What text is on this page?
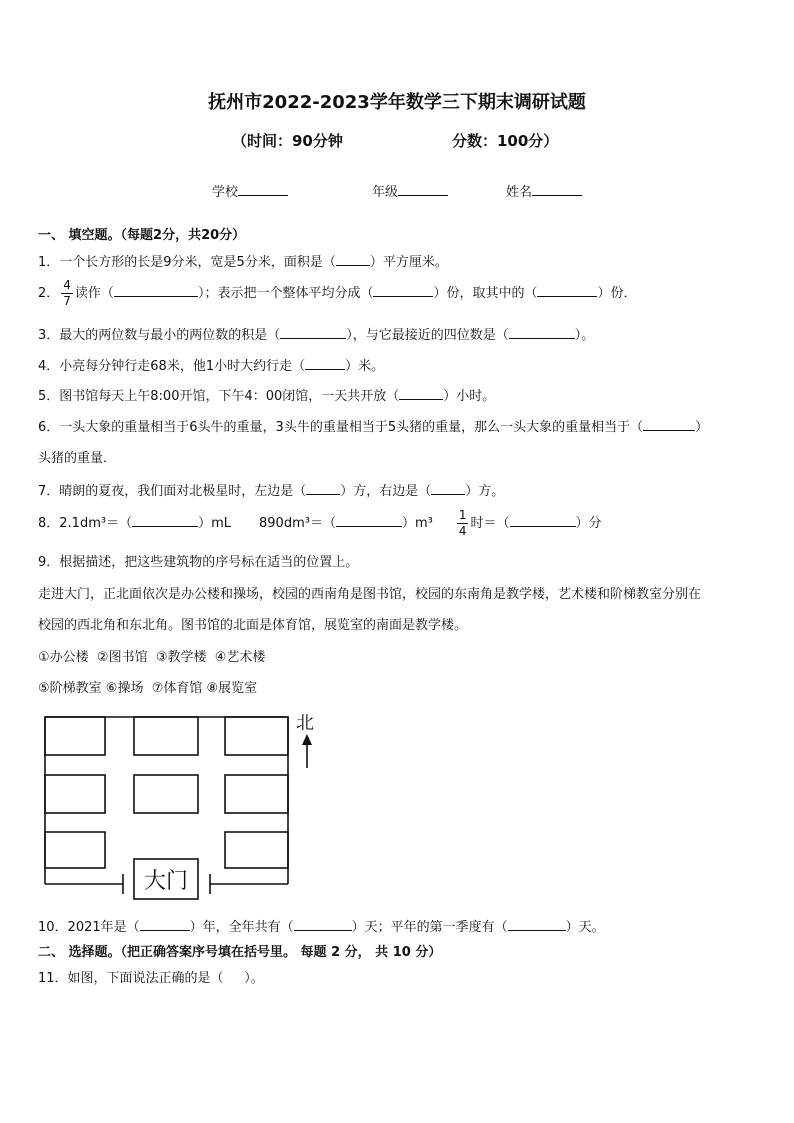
抚州市2022-2023学年数学三下期末调研试题
（时间：90分钟	分数：100分）
学校	年级	姓名
一、 填空题。（每题2分，共20分）
1．一个长方形的长是9分米，宽是5分米，面积是（	）平方厘米。
2． $\frac{4}{7}$ 读作（	）；表示把一个整体平均分成（	）份，取其中的（	）份．
3．最大的两位数与最小的两位数的积是（	），与它最接近的四位数是（	）。
4．小亮每分钟行走68米，他1小时大约行走（	）米。
5．图书馆每天上午8:00开馆，下午4：00闭馆，一天共开放（	）小时。
6．一头大象的重量相当于6头牛的重量，3头牛的重量相当于5头猪的重量，那么一头大象的重量相当于（	）
头猪的重量．
7．晴朗的夏夜，我们面对北极星时，左边是（	）方，右边是（	）方。
8．2.1dm³＝（	）mL 890dm³＝（	）$m^3 \frac{1}{4}$ 时＝（	）分
9．根据描述，把这些建筑物的序号标在适当的位置上。
走进大门，正北面依次是办公楼和操场，校园的西南角是图书馆，校园的东南角是教学楼，艺术楼和阶梯教室分别在
校园的西北角和东北角。图书馆的北面是体育馆，展览室的南面是教学楼。
①办公楼  ②图书馆  ③教学楼  ④艺术楼
⑤阶梯教室 ⑥操场  ⑦体育馆 ⑧展览室
北
大门
10．2021年是（	）年，全年共有（	）天；平年的第一季度有（	）天。
二、 选择题。（把正确答案序号填在括号里。 每题 2 分， 共 10 分）
11．如图，下面说法正确的是（     ）。
